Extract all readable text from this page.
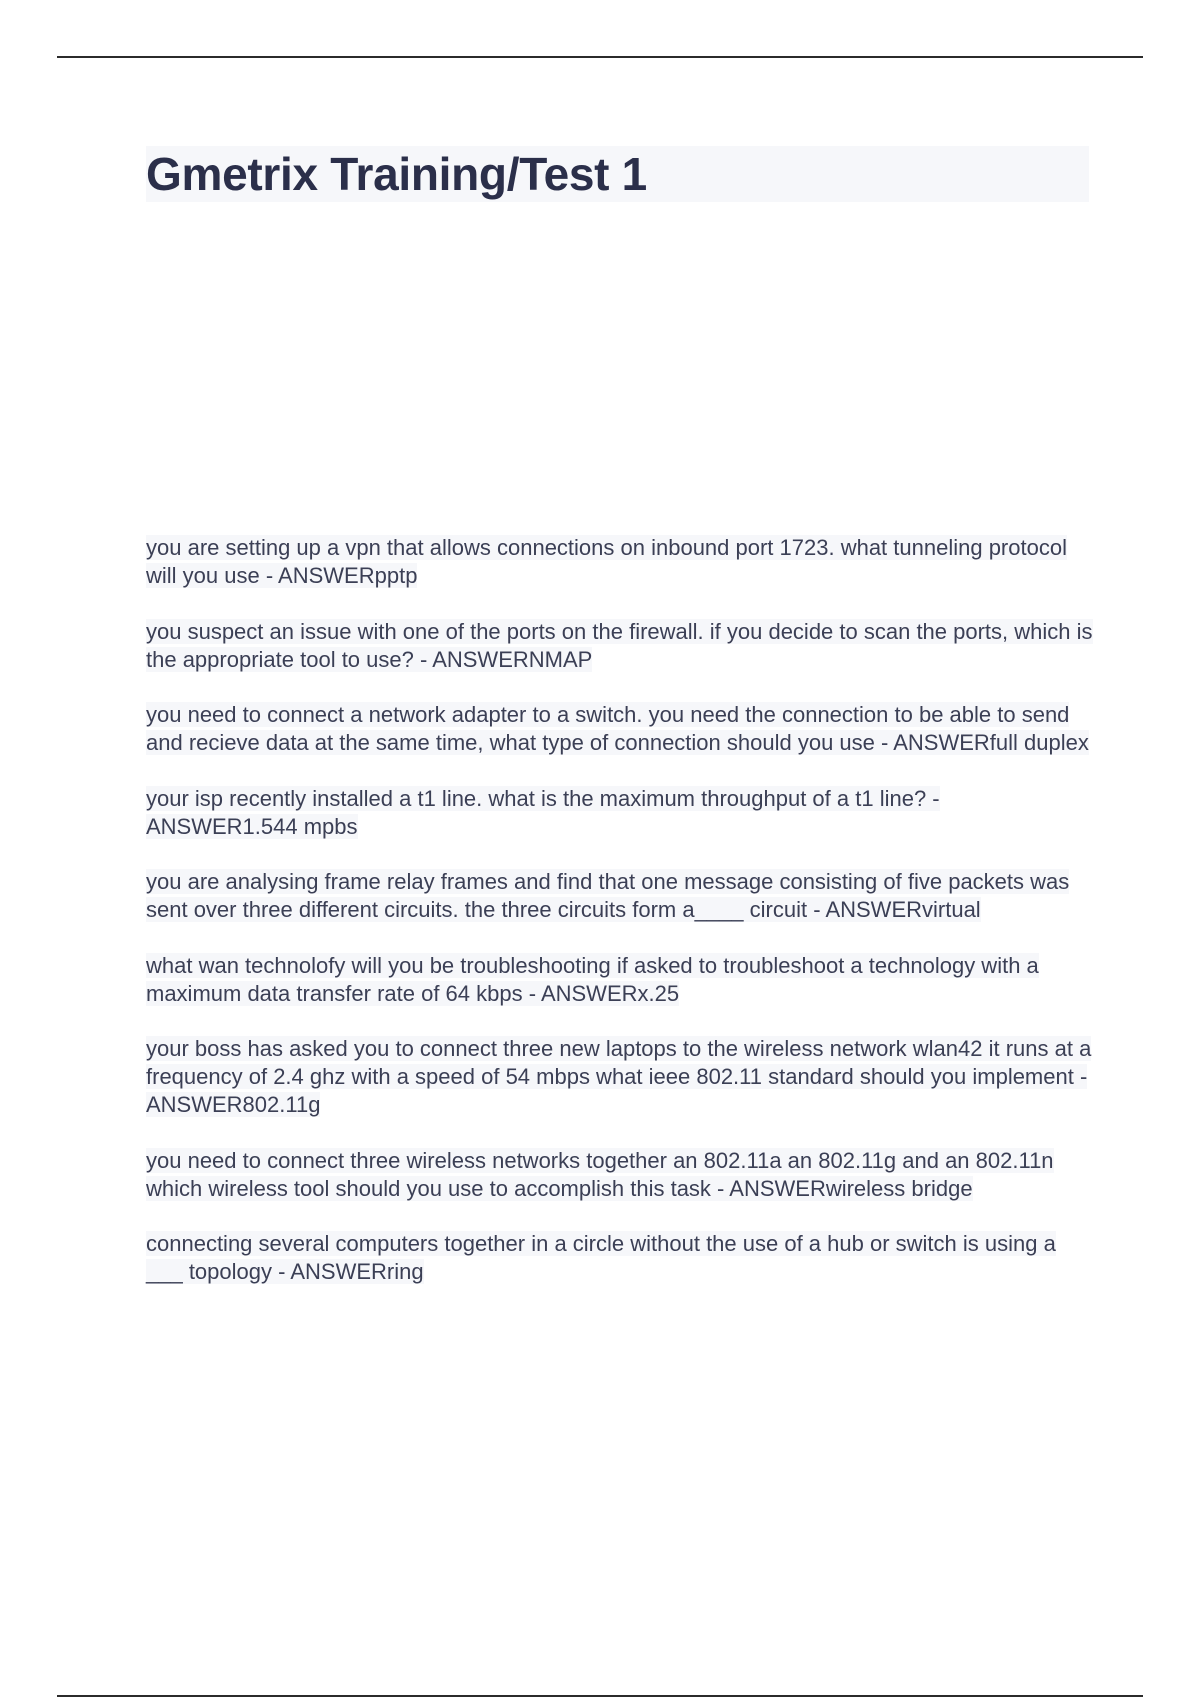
Gmetrix Training/Test 1
you are setting up a vpn that allows connections on inbound port 1723. what tunneling protocol will you use - ANSWERpptp
you suspect an issue with one of the ports on the firewall. if you decide to scan the ports, which is the appropriate tool to use? - ANSWERNMAP
you need to connect a network adapter to a switch. you need the connection to be able to send and recieve data at the same time, what type of connection should you use - ANSWERfull duplex
your isp recently installed a t1 line. what is the maximum throughput of a t1 line? - ANSWER1.544 mpbs
you are analysing frame relay frames and find that one message consisting of five packets was sent over three different circuits. the three circuits form a____ circuit - ANSWERvirtual
what wan technolofy will you be troubleshooting if asked to troubleshoot a technology with a maximum data transfer rate of 64 kbps - ANSWERx.25
your boss has asked you to connect three new laptops to the wireless network wlan42 it runs at a frequency of 2.4 ghz with a speed of 54 mbps what ieee 802.11 standard should you implement - ANSWER802.11g
you need to connect three wireless networks together an 802.11a an 802.11g and an 802.11n which wireless tool should you use to accomplish this task - ANSWERwireless bridge
connecting several computers together in a circle without the use of a hub or switch is using a ___ topology - ANSWERring
